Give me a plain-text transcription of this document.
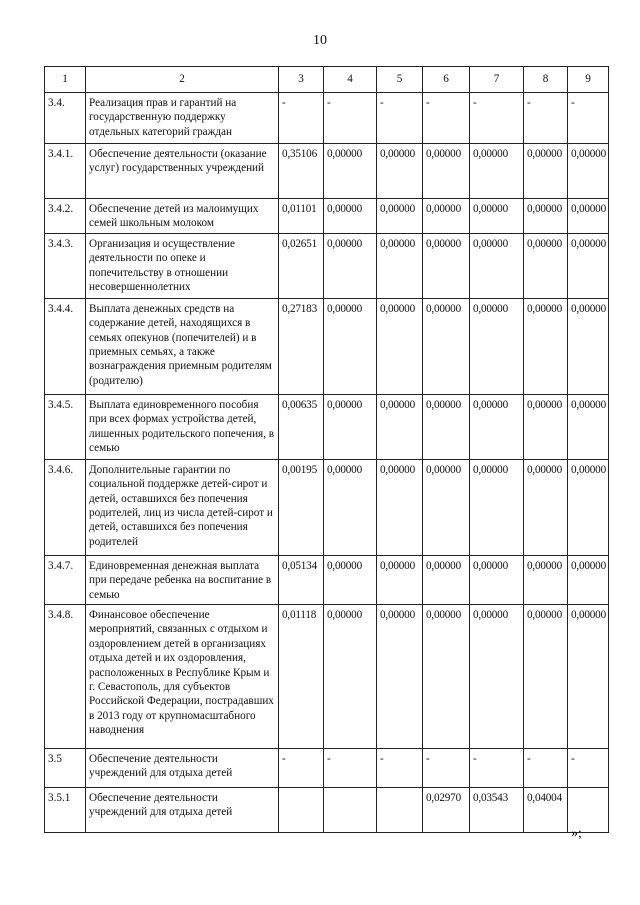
10
1	2	3	4	5	6	7	8	9
3.4.	Реализация прав и гарантий на государственную поддержку отдельных категорий граждан	-	-	-	-	-	-	-
3.4.1.	Обеспечение деятельности (оказание услуг) государственных учреждений	0,35106	0,00000	0,00000	0,00000	0,00000	0,00000	0,00000
3.4.2.	Обеспечение детей из малоимущих семей школьным молоком	0,01101	0,00000	0,00000	0,00000	0,00000	0,00000	0,00000
3.4.3.	Организация и осуществление деятельности по опеке и попечительству в отношении несовершеннолетних	0,02651	0,00000	0,00000	0,00000	0,00000	0,00000	0,00000
3.4.4.	Выплата денежных средств на содержание детей, находящихся в семьях опекунов (попечителей) и в приемных семьях, а также вознаграждения приемным родителям (родителю)	0,27183	0,00000	0,00000	0,00000	0,00000	0,00000	0,00000
3.4.5.	Выплата единовременного пособия при всех формах устройства детей, лишенных родительского попечения, в семью	0,00635	0,00000	0,00000	0,00000	0,00000	0,00000	0,00000
3.4.6.	Дополнительные гарантии по социальной поддержке детей-сирот и детей, оставшихся без попечения родителей, лиц из числа детей-сирот и детей, оставшихся без попечения родителей	0,00195	0,00000	0,00000	0,00000	0,00000	0,00000	0,00000
3.4.7.	Единовременная денежная выплата при передаче ребенка на воспитание в семью	0,05134	0,00000	0,00000	0,00000	0,00000	0,00000	0,00000
3.4.8.	Финансовое обеспечение мероприятий, связанных с отдыхом и оздоровлением детей в организациях отдыха детей и их оздоровления, расположенных в Республике Крым и г. Севастополь, для субъектов Российской Федерации, пострадавших в 2013 году от крупномасштабного наводнения	0,01118	0,00000	0,00000	0,00000	0,00000	0,00000	0,00000
3.5	Обеспечение деятельности учреждений для отдыха детей	-	-	-	-	-	-	-
3.5.1	Обеспечение деятельности учреждений для отдыха детей				0,02970	0,03543	0,04004	
»;
